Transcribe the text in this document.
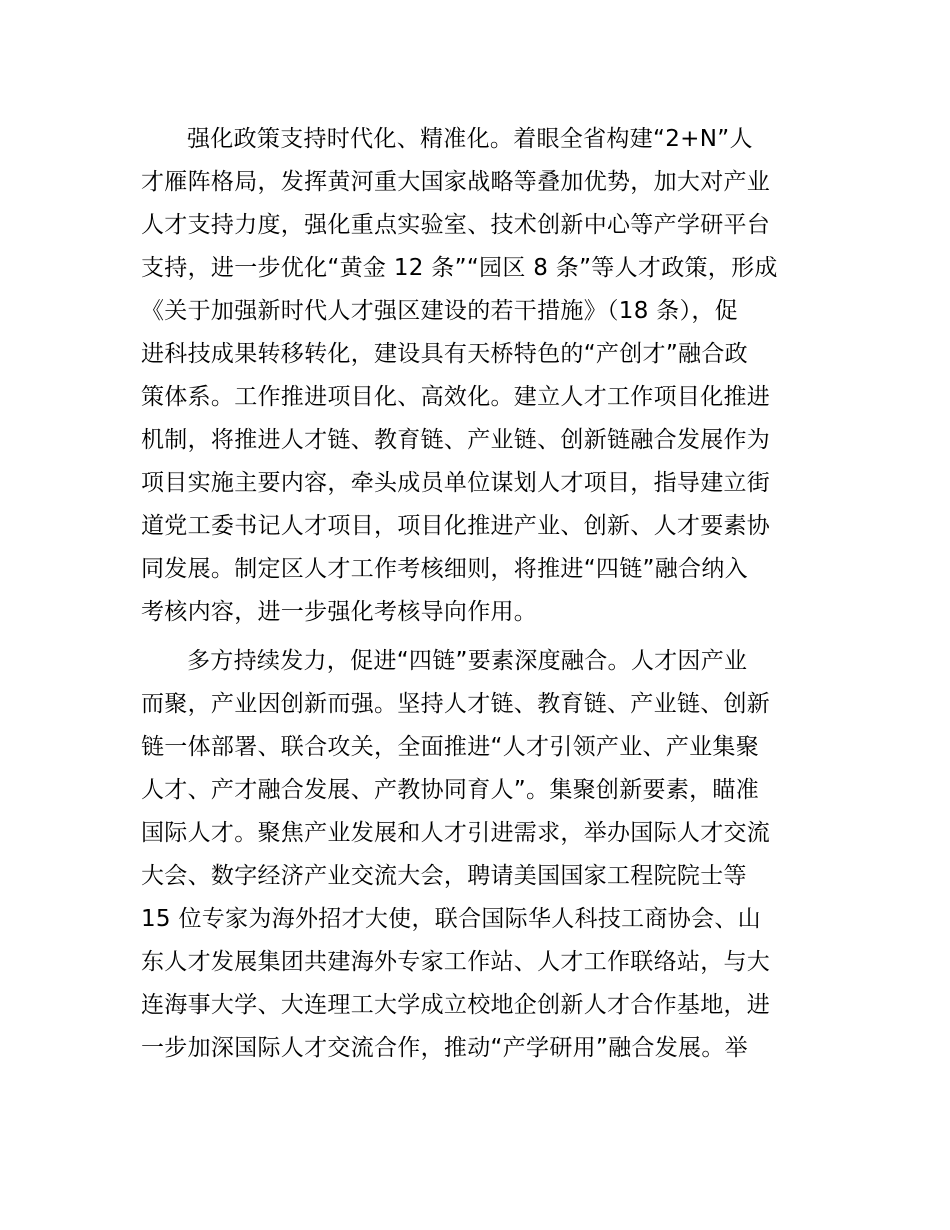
强化政策支持时代化、精准化。着眼全省构建“2+N”人
才雁阵格局，发挥黄河重大国家战略等叠加优势，加大对产业
人才支持力度，强化重点实验室、技术创新中心等产学研平台
支持，进一步优化“黄金 12 条”“园区 8 条”等人才政策，形成
《关于加强新时代人才强区建设的若干措施》（18 条），促
进科技成果转移转化，建设具有天桥特色的“产创才”融合政
策体系。工作推进项目化、高效化。建立人才工作项目化推进
机制，将推进人才链、教育链、产业链、创新链融合发展作为
项目实施主要内容，牵头成员单位谋划人才项目，指导建立街
道党工委书记人才项目，项目化推进产业、创新、人才要素协
同发展。制定区人才工作考核细则，将推进“四链”融合纳入
考核内容，进一步强化考核导向作用。
多方持续发力，促进“四链”要素深度融合。人才因产业
而聚，产业因创新而强。坚持人才链、教育链、产业链、创新
链一体部署、联合攻关，全面推进“人才引领产业、产业集聚
人才、产才融合发展、产教协同育人”。集聚创新要素，瞄准
国际人才。聚焦产业发展和人才引进需求，举办国际人才交流
大会、数字经济产业交流大会，聘请美国国家工程院院士等
15 位专家为海外招才大使，联合国际华人科技工商协会、山
东人才发展集团共建海外专家工作站、人才工作联络站，与大
连海事大学、大连理工大学成立校地企创新人才合作基地，进
一步加深国际人才交流合作，推动“产学研用”融合发展。举
